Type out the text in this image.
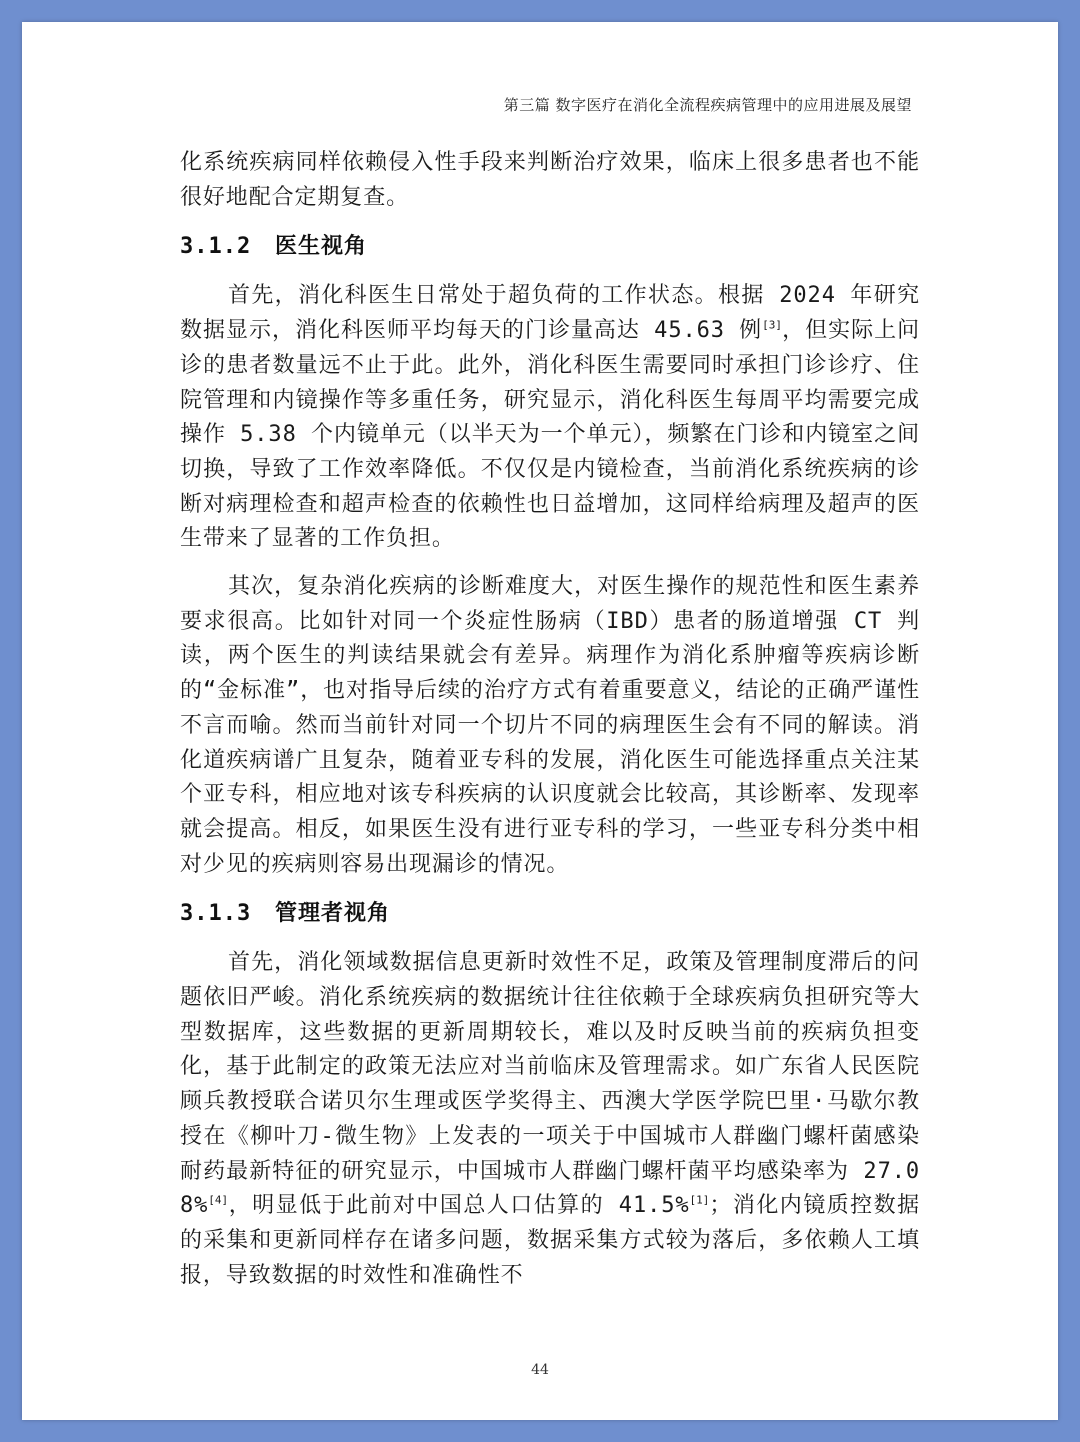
第三篇 数字医疗在消化全流程疾病管理中的应用进展及展望

化系统疾病同样依赖侵入性手段来判断治疗效果，临床上很多患者也不能很好地配合定期复查。

3.1.2 医生视角

首先，消化科医生日常处于超负荷的工作状态。根据 2024 年研究数据显示，消化科医师平均每天的门诊量高达 45.63 例[3]，但实际上问诊的患者数量远不止于此。此外，消化科医生需要同时承担门诊诊疗、住院管理和内镜操作等多重任务，研究显示，消化科医生每周平均需要完成操作 5.38 个内镜单元（以半天为一个单元），频繁在门诊和内镜室之间切换，导致了工作效率降低。不仅仅是内镜检查，当前消化系统疾病的诊断对病理检查和超声检查的依赖性也日益增加，这同样给病理及超声的医生带来了显著的工作负担。

其次，复杂消化疾病的诊断难度大，对医生操作的规范性和医生素养要求很高。比如针对同一个炎症性肠病（IBD）患者的肠道增强 CT 判读，两个医生的判读结果就会有差异。病理作为消化系肿瘤等疾病诊断的“金标准”，也对指导后续的治疗方式有着重要意义，结论的正确严谨性不言而喻。然而当前针对同一个切片不同的病理医生会有不同的解读。消化道疾病谱广且复杂，随着亚专科的发展，消化医生可能选择重点关注某个亚专科，相应地对该专科疾病的认识度就会比较高，其诊断率、发现率就会提高。相反，如果医生没有进行亚专科的学习，一些亚专科分类中相对少见的疾病则容易出现漏诊的情况。

3.1.3 管理者视角

首先，消化领域数据信息更新时效性不足，政策及管理制度滞后的问题依旧严峻。消化系统疾病的数据统计往往依赖于全球疾病负担研究等大型数据库，这些数据的更新周期较长，难以及时反映当前的疾病负担变化，基于此制定的政策无法应对当前临床及管理需求。如广东省人民医院顾兵教授联合诺贝尔生理或医学奖得主、西澳大学医学院巴里·马歇尔教授在《柳叶刀-微生物》上发表的一项关于中国城市人群幽门螺杆菌感染耐药最新特征的研究显示，中国城市人群幽门螺杆菌平均感染率为 27.08%[4]，明显低于此前对中国总人口估算的 41.5%[1]；消化内镜质控数据的采集和更新同样存在诸多问题，数据采集方式较为落后，多依赖人工填报，导致数据的时效性和准确性不

44
